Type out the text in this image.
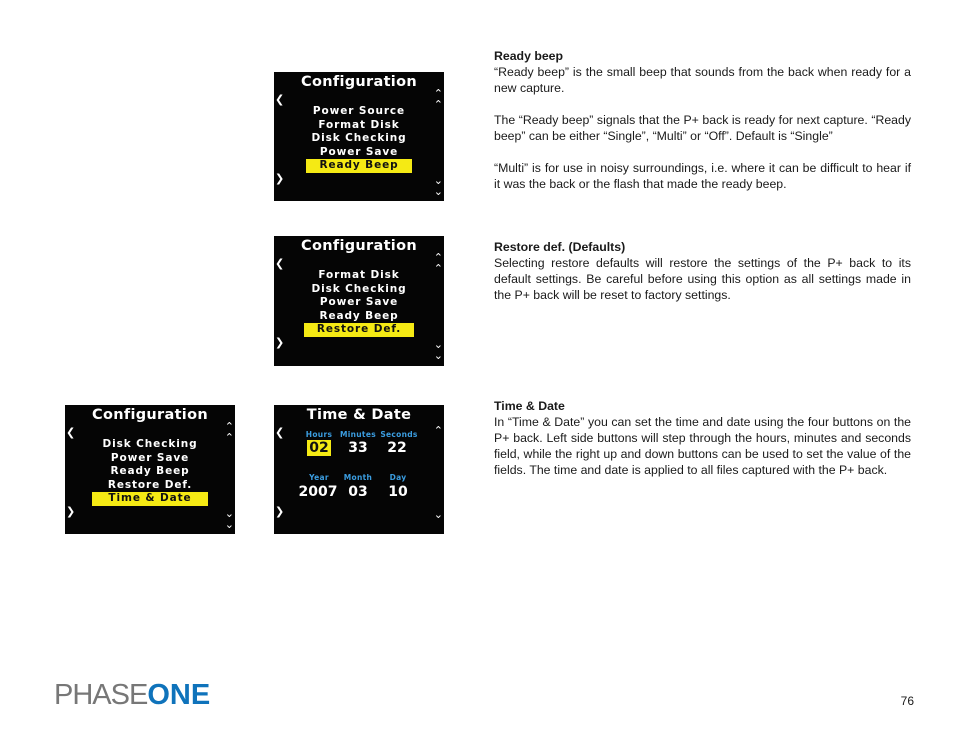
Configuration
❮	⌃
⌃
Power Source
Format Disk
Disk Checking
Power Save
Ready Beep
❯	⌄
⌄
Configuration
❮	⌃
⌃
Format Disk
Disk Checking
Power Save
Ready Beep
Restore Def.
❯	⌄
⌄
Configuration
❮	⌃
⌃
Disk Checking
Power Save
Ready Beep
Restore Def.
Time & Date
❯	⌄
⌄
Time & Date
❮	⌃
Hours	Minutes Seconds
02	33	22
Year	Month	Day
2007 03	10
❯	⌄

Ready beep
“Ready beep” is the small beep that sounds from the back when ready for a new capture.

The “Ready beep” signals that the P+ back is ready for next capture. “Ready beep” can be either “Single”, “Multi” or “Off”. Default is “Single”

“Multi” is for use in noisy surroundings, i.e. where it can be difficult to hear if it was the back or the flash that made the ready beep.

Restore def. (Defaults)
Selecting restore defaults will restore the settings of the P+ back to its default settings. Be careful before using this option as all settings made in the P+ back will be reset to factory settings.

Time & Date
In “Time & Date” you can set the time and date using the four buttons on the P+ back. Left side buttons will step through the hours, minutes and seconds field, while the right up and down buttons can be used to set the value of the fields. The time and date is applied to all files captured with the P+ back.

PHASEONE	76
